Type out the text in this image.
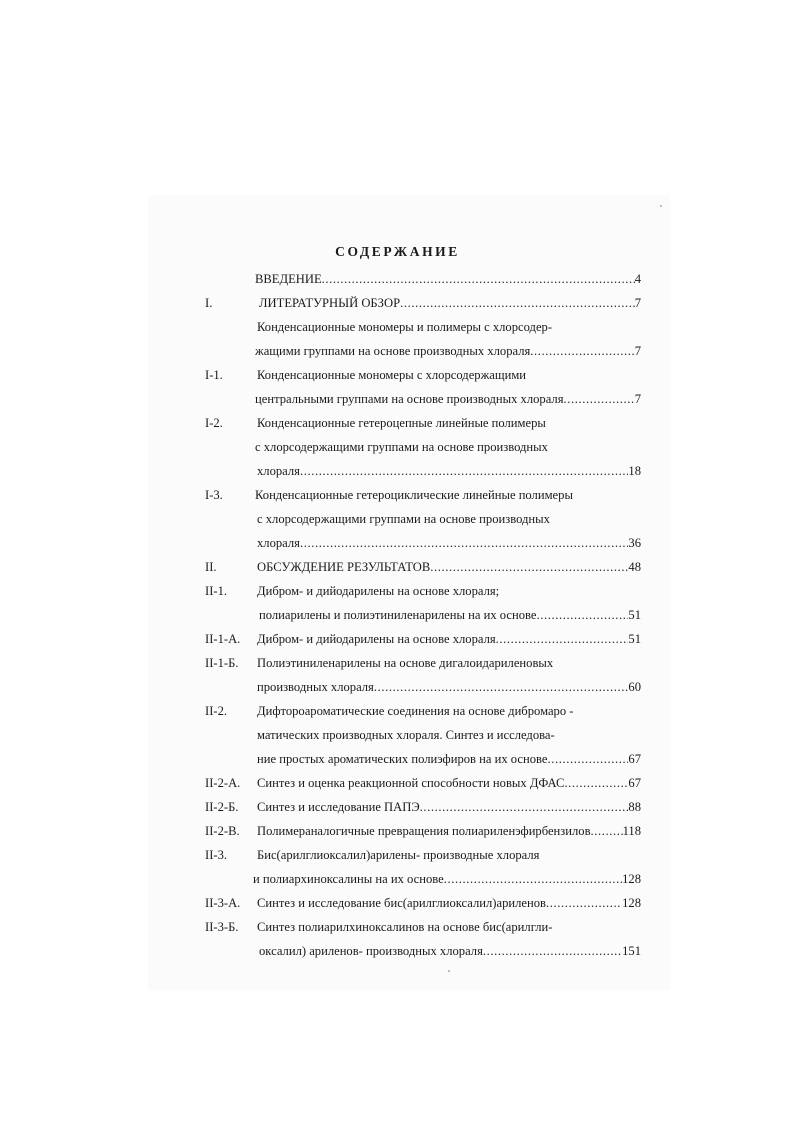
СОДЕРЖАНИЕ
ВВЕДЕНИЕ .....	4
I.	ЛИТЕРАТУРНЫЙ ОБЗОР .....	7
Конденсационные мономеры и полимеры с хлорсодер-
жащими группами на основе производных хлораля .....	7
I-1.	Конденсационные мономеры с хлорсодержащими
центральными группами на основе производных хлораля .....	7
I-2.	Конденсационные гетероцепные линейные полимеры
с хлорсодержащими группами на основе производных
хлораля .....	18
I-3.	Конденсационные гетероциклические линейные полимеры
с хлорсодержащими группами на основе производных
хлораля .....	36
II.	ОБСУЖДЕНИЕ РЕЗУЛЬТАТОВ .....	48
II-1. Дибром- и дийодарилены на основе хлораля;
полиарилены и полиэтиниленарилены на их основе .....	51
II-1-А. Дибром- и дийодарилены на основе хлораля .....	51
II-1-Б. Полиэтиниленарилены на основе дигалоидариленовых
производных хлораля .....	60
II-2. Дифтороароматические соединения на основе дибромаро -
матических производных хлораля. Синтез и исследова-
ние простых ароматических полиэфиров на их основе .....	67
II-2-А. Синтез и оценка реакционной способности новых ДФАС .....	67
II-2-Б. Синтез и исследование ПАПЭ .....	88
II-2-В. Полимераналогичные превращения полиариленэфирбензилов .....	118
II-3. Бис(арилглиоксалил)арилены- производные хлораля
и полиархиноксалины на их основе .....	128
II-3-А. Синтез и исследование бис(арилглиоксалил)ариленов .....	128
II-3-Б. Синтез полиарилхиноксалинов на основе бис(арилгли-
оксалил) ариленов- производных хлораля .....	151
